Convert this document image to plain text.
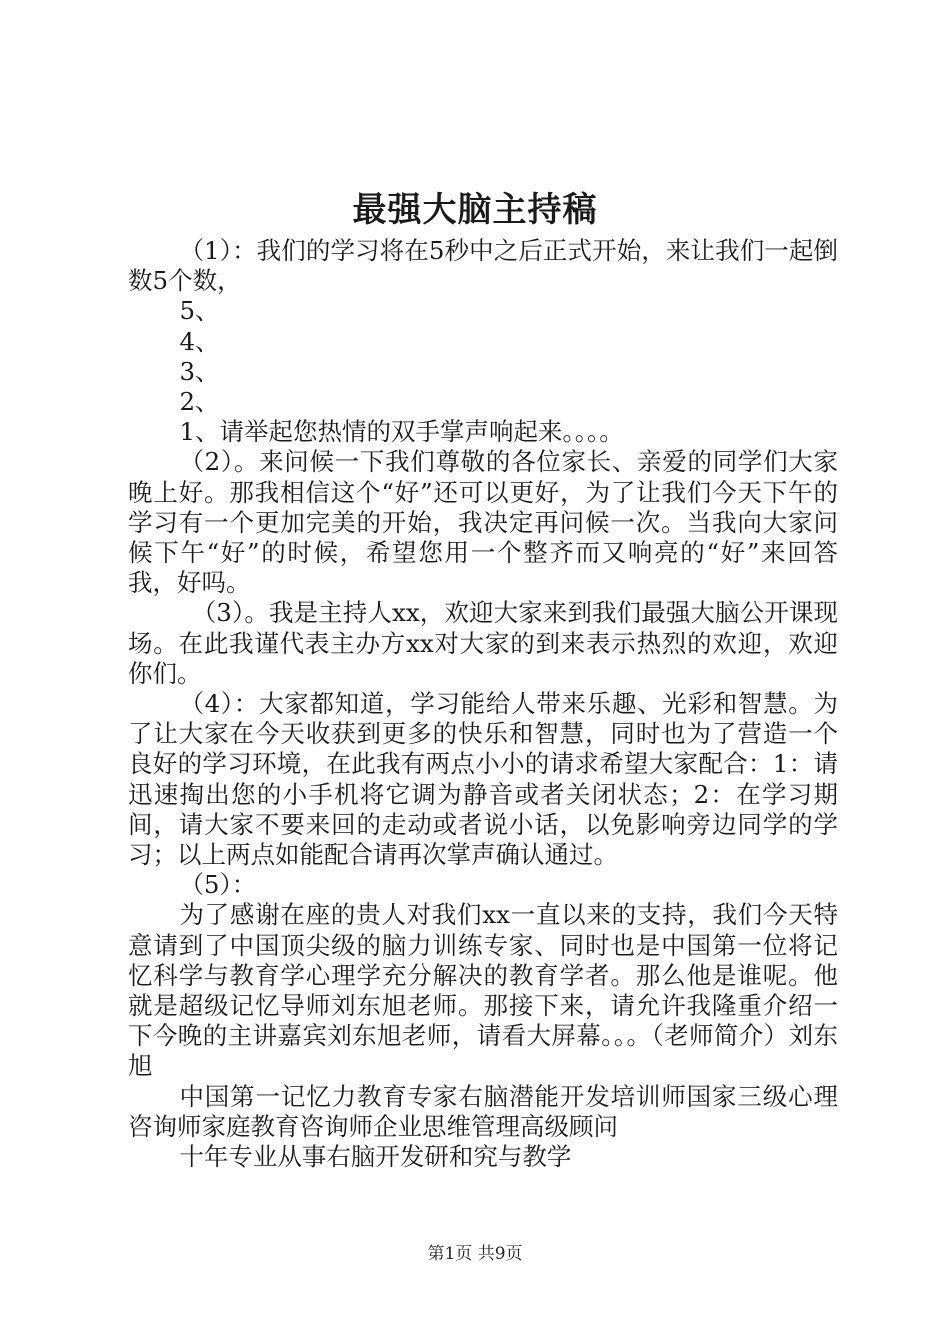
最强大脑主持稿

（1）：我们的学习将在5秒中之后正式开始，来让我们一起倒数5个数，

5、

4、

3、

2、

1、请举起您热情的双手掌声响起来。。。。

（2）。来问候一下我们尊敬的各位家长、亲爱的同学们大家晚上好。那我相信这个“好”还可以更好，为了让我们今天下午的学习有一个更加完美的开始，我决定再问候一次。当我向大家问候下午“好”的时候，希望您用一个整齐而又响亮的“好”来回答我，好吗。

（3）。我是主持人xx，欢迎大家来到我们最强大脑公开课现场。在此我谨代表主办方xx对大家的到来表示热烈的欢迎，欢迎你们。

（4）：大家都知道，学习能给人带来乐趣、光彩和智慧。为了让大家在今天收获到更多的快乐和智慧，同时也为了营造一个良好的学习环境，在此我有两点小小的请求希望大家配合：1：请迅速掏出您的小手机将它调为静音或者关闭状态；2：在学习期间，请大家不要来回的走动或者说小话，以免影响旁边同学的学习；以上两点如能配合请再次掌声确认通过。

（5）：

为了感谢在座的贵人对我们xx一直以来的支持，我们今天特意请到了中国顶尖级的脑力训练专家、同时也是中国第一位将记忆科学与教育学心理学充分解决的教育学者。那么他是谁呢。他就是超级记忆导师刘东旭老师。那接下来，请允许我隆重介绍一下今晚的主讲嘉宾刘东旭老师，请看大屏幕。。。（老师简介）刘东旭

中国第一记忆力教育专家右脑潜能开发培训师国家三级心理咨询师家庭教育咨询师企业思维管理高级顾问

十年专业从事右脑开发研和究与教学

第1页 共9页
